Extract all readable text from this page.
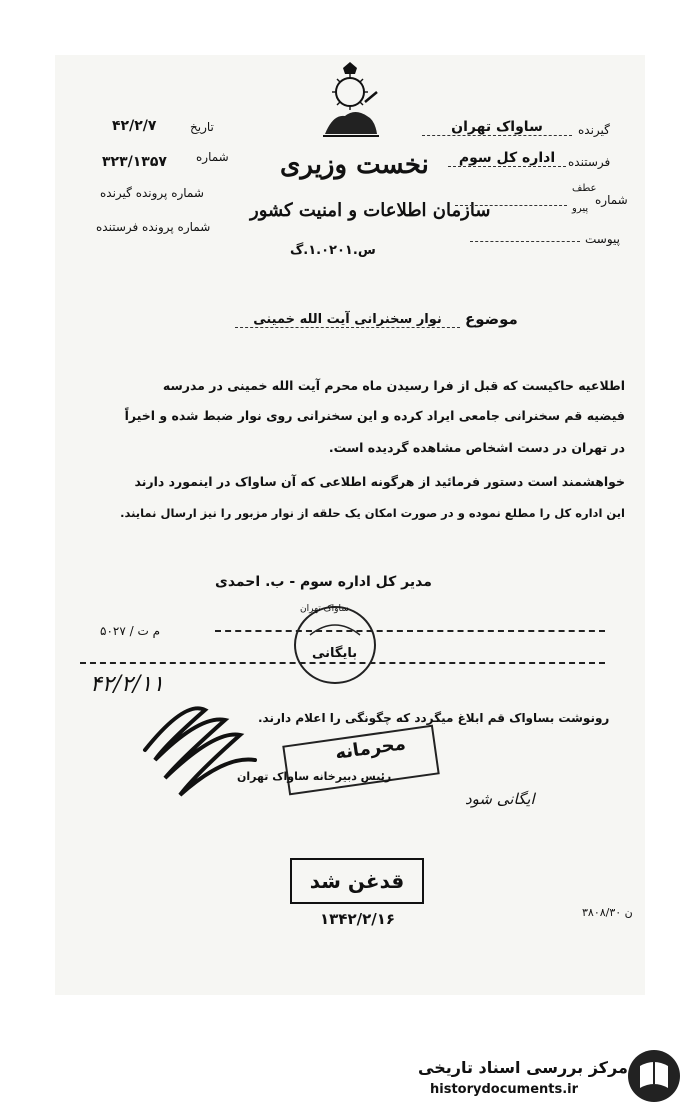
نخست وزیری
سازمان اطلاعات و امنیت کشور
س.۱.۰۲۰۱.گ
گیرنده
ساواک تهران
فرستنده
اداره کل سوم
شماره
عطف
پیرو
پیوست
تاریخ
۴۲/۲/۷
شماره
۳۲۳/۱۳۵۷
شماره پرونده گیرنده
شماره پرونده فرستنده
موضوع
نوار سخنرانی آیت الله خمینی
اطلاعیه حاکیست که قبل از فرا رسیدن ماه محرم آیت الله خمینی در مدرسه
فیضیه قم سخنرانی جامعی ایراد کرده و این سخنرانی روی نوار ضبط شده و اخیراً
در تهران در دست اشخاص مشاهده گردیده است.
خواهشمند است دستور فرمائید از هرگونه اطلاعی که آن ساواک در اینمورد دارند
این اداره کل را مطلع نموده و در صورت امکان یک حلقه از نوار مزبور را نیز ارسال نمایند.
مدیر کل اداره سوم - ب. احمدی
۵۰۲۷ / م ت
ساواک تهران
بایگانی
۴۲/۲/۱۱
رونوشت بساواک قم ابلاغ میگردد که چگونگی را اعلام دارند.
محرمانه
رئیس دبیرخانه ساواک تهران
ایگانی شود
قدغن شد
۱۳۴۲/۲/۱۶	۳۸۰۸/۳۰ ن
مرکز بررسی اسناد تاریخی
historydocuments.ir
